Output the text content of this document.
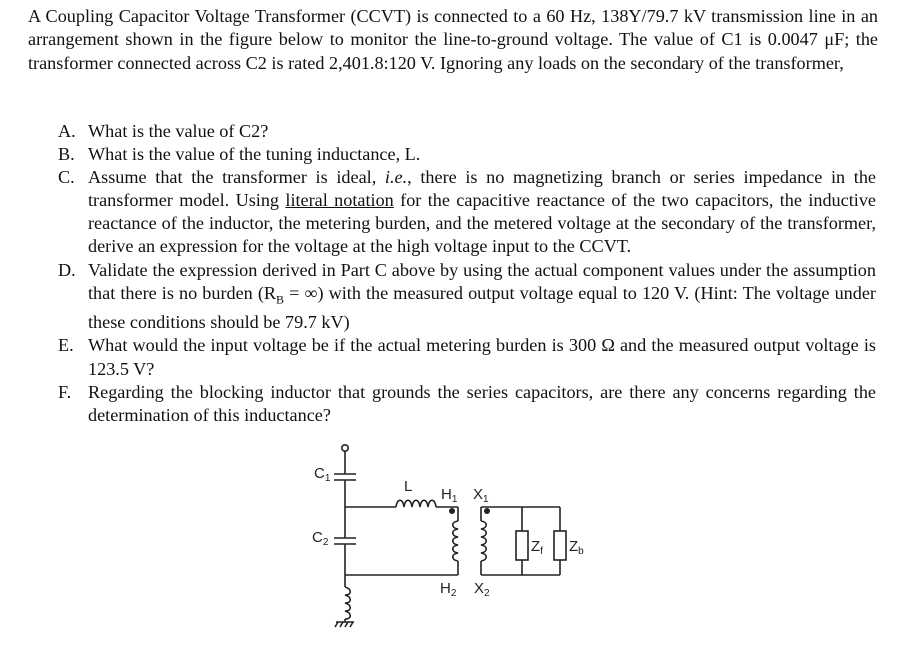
A Coupling Capacitor Voltage Transformer (CCVT) is connected to a 60 Hz, 138Y/79.7 kV transmission line in an arrangement shown in the figure below to monitor the line-to-ground voltage. The value of C1 is 0.0047 μF; the transformer connected across C2 is rated 2,401.8:120 V. Ignoring any loads on the secondary of the transformer,
A. What is the value of C2?
B. What is the value of the tuning inductance, L.
C. Assume that the transformer is ideal, i.e., there is no magnetizing branch or series impedance in the transformer model. Using literal notation for the capacitive reactance of the two capacitors, the inductive reactance of the inductor, the metering burden, and the metered voltage at the secondary of the transformer, derive an expression for the voltage at the high voltage input to the CCVT.
D. Validate the expression derived in Part C above by using the actual component values under the assumption that there is no burden ($R_B$ = ∞) with the measured output voltage equal to 120 V. (Hint: The voltage under these conditions should be 79.7 kV)
E. What would the input voltage be if the actual metering burden is 300 Ω and the measured output voltage is 123.5 V?
F. Regarding the blocking inductor that grounds the series capacitors, are there any concerns regarding the determination of this inductance?
$C_1$
$C_2$
L $H_1$ $X_1$
$H_2$ $X_2$
$Z_f$ $Z_b$
